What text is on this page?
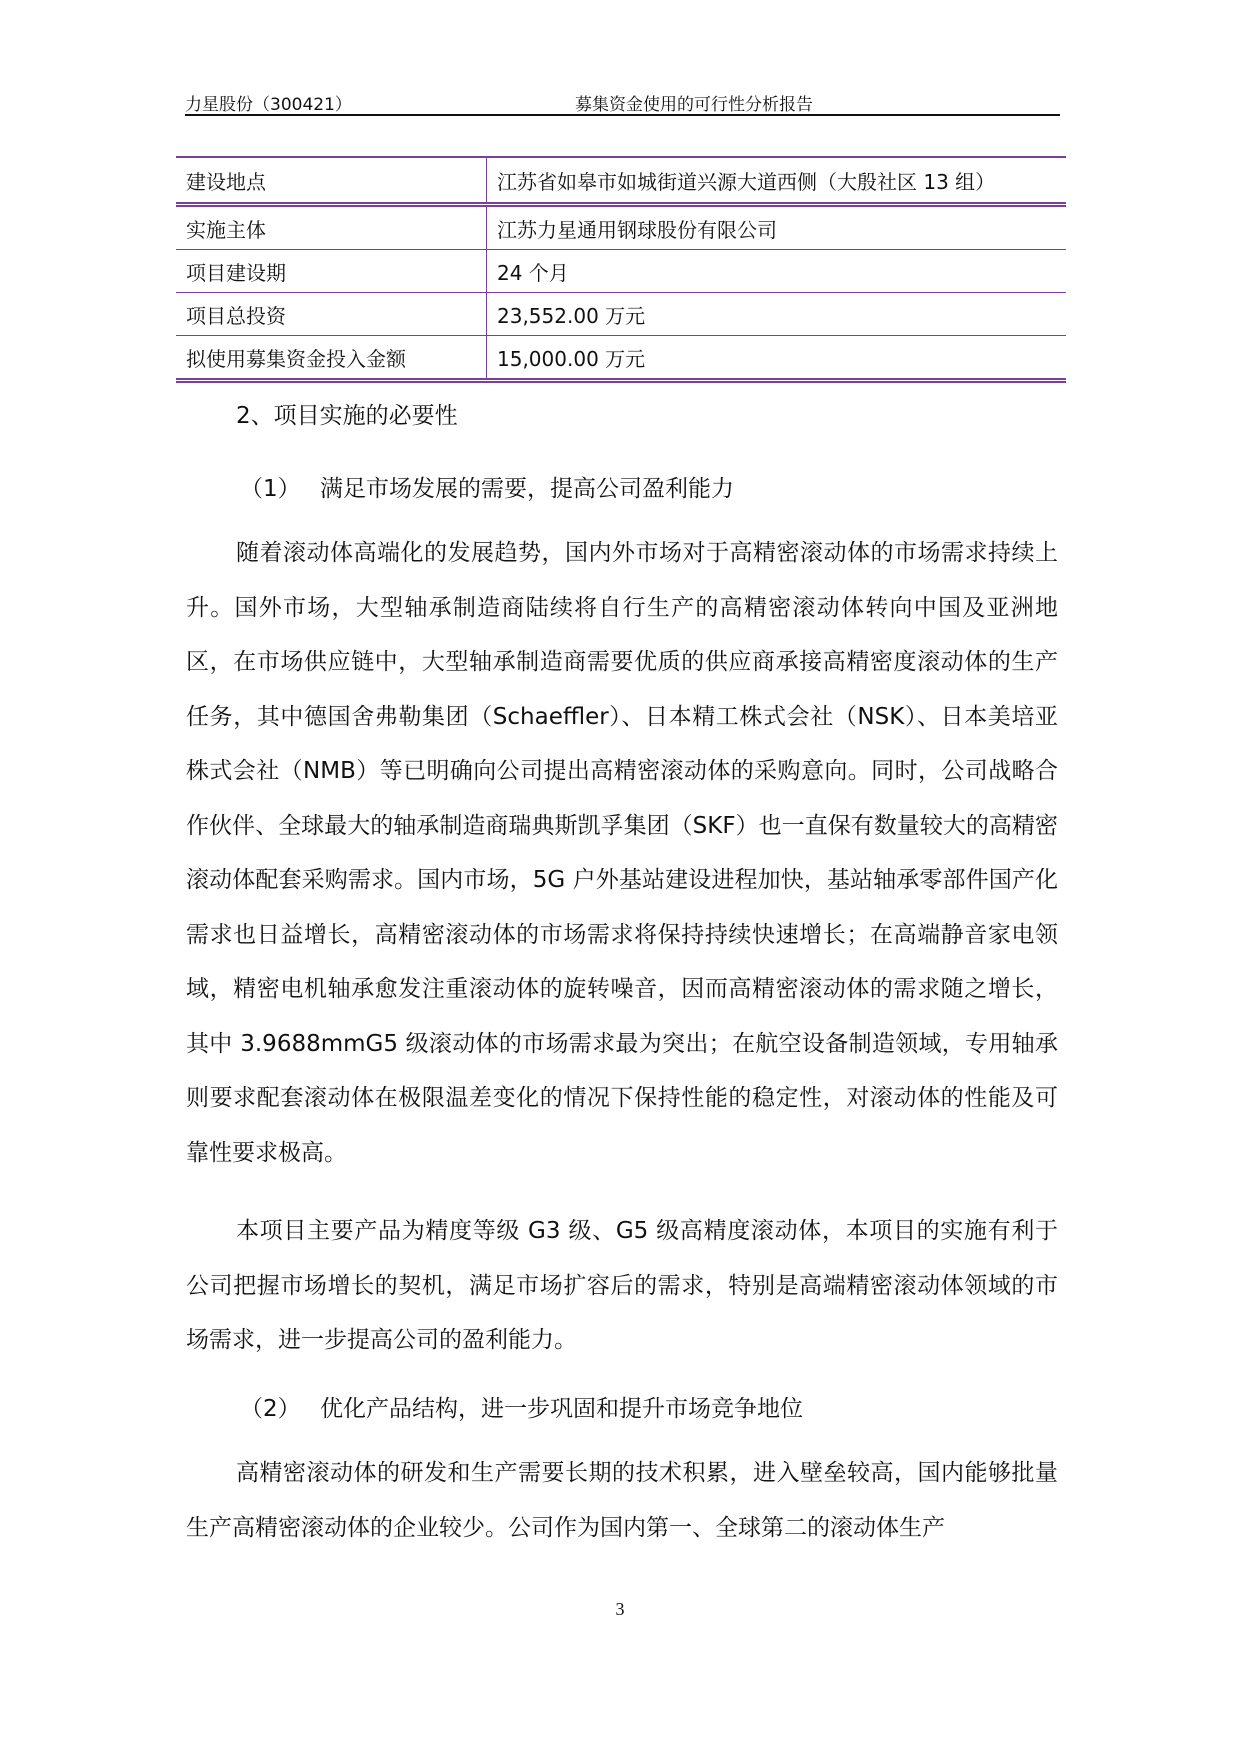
力星股份（300421）	募集资金使用的可行性分析报告
建设地点	江苏省如皋市如城街道兴源大道西侧（大殷社区 13 组）
实施主体	江苏力星通用钢球股份有限公司
项目建设期	24 个月
项目总投资	23,552.00 万元
拟使用募集资金投入金额	15,000.00 万元

2、项目实施的必要性

（1） 满足市场发展的需要，提高公司盈利能力

随着滚动体高端化的发展趋势，国内外市场对于高精密滚动体的市场需求持续上升。国外市场，大型轴承制造商陆续将自行生产的高精密滚动体转向中国及亚洲地区，在市场供应链中，大型轴承制造商需要优质的供应商承接高精密度滚动体的生产任务，其中德国舍弗勒集团（Schaeffler）、日本精工株式会社（NSK）、日本美培亚株式会社（NMB）等已明确向公司提出高精密滚动体的采购意向。同时，公司战略合作伙伴、全球最大的轴承制造商瑞典斯凯孚集团（SKF）也一直保有数量较大的高精密滚动体配套采购需求。国内市场，5G 户外基站建设进程加快，基站轴承零部件国产化需求也日益增长，高精密滚动体的市场需求将保持持续快速增长；在高端静音家电领域，精密电机轴承愈发注重滚动体的旋转噪音，因而高精密滚动体的需求随之增长，其中 3.9688mmG5 级滚动体的市场需求最为突出；在航空设备制造领域，专用轴承则要求配套滚动体在极限温差变化的情况下保持性能的稳定性，对滚动体的性能及可靠性要求极高。

本项目主要产品为精度等级 G3 级、G5 级高精度滚动体，本项目的实施有利于公司把握市场增长的契机，满足市场扩容后的需求，特别是高端精密滚动体领域的市场需求，进一步提高公司的盈利能力。

（2） 优化产品结构，进一步巩固和提升市场竞争地位

高精密滚动体的研发和生产需要长期的技术积累，进入壁垒较高，国内能够批量生产高精密滚动体的企业较少。公司作为国内第一、全球第二的滚动体生产

3
